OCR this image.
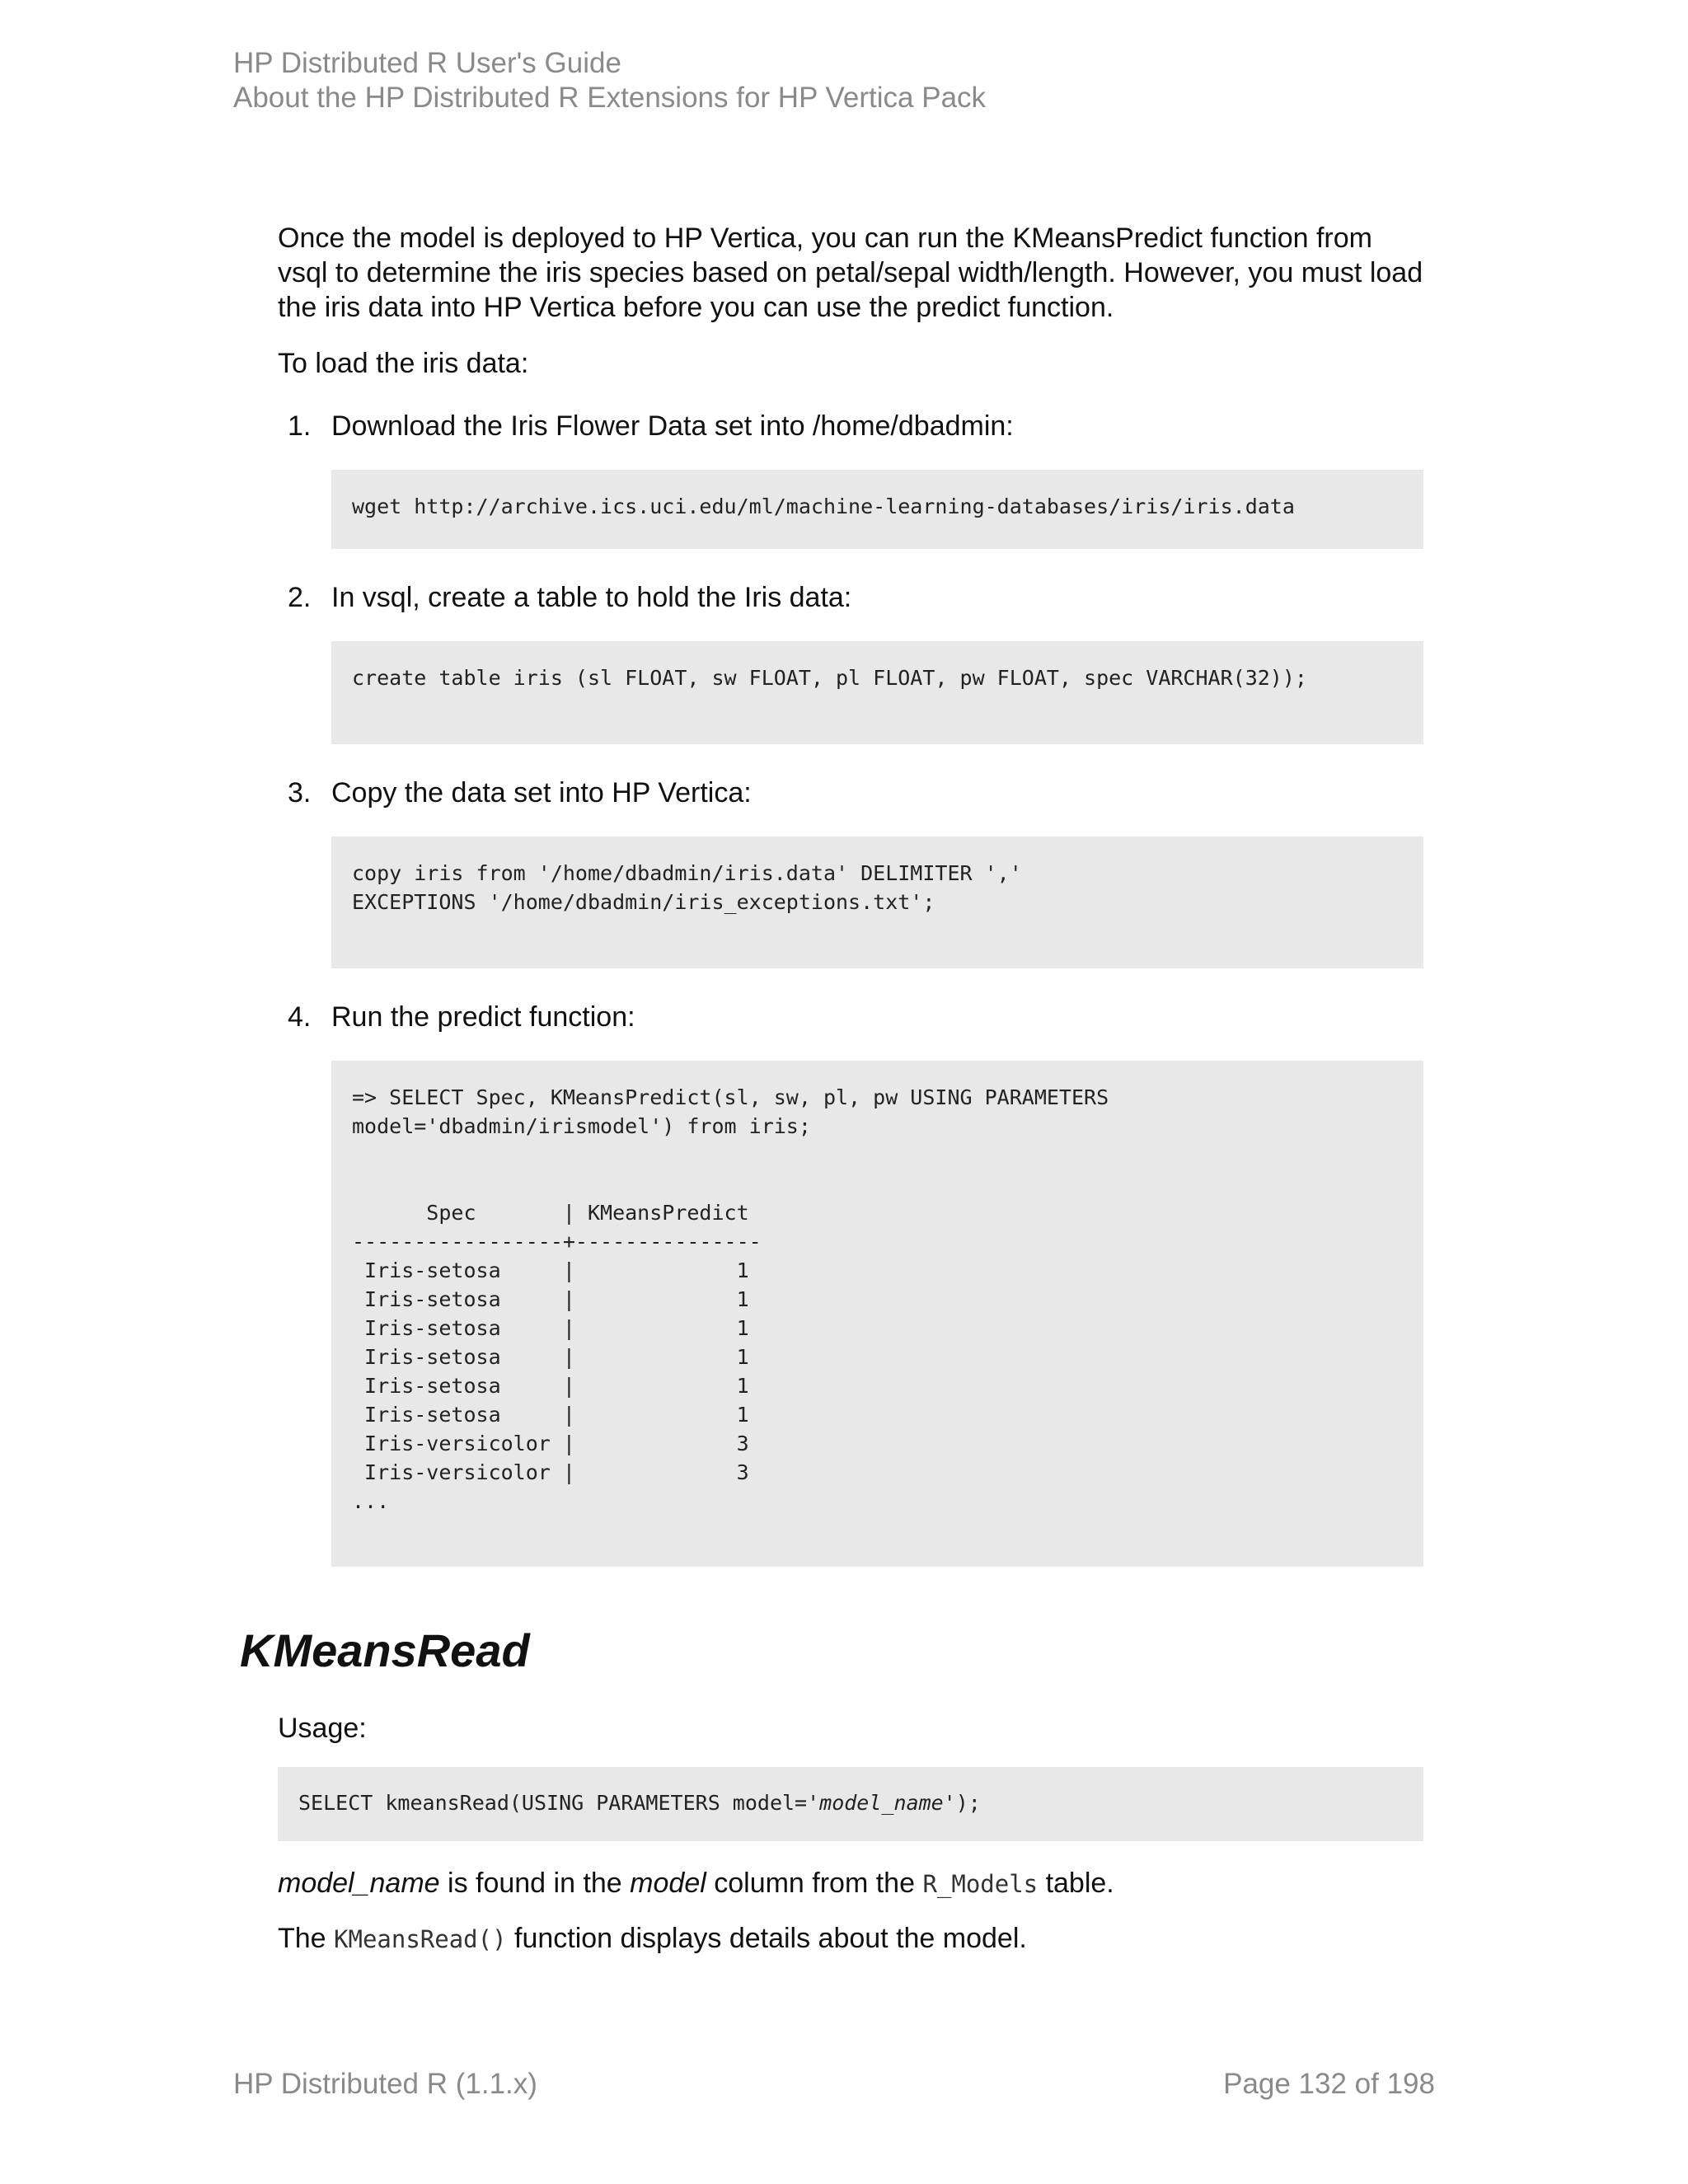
HP Distributed R User's Guide
About the HP Distributed R Extensions for HP Vertica Pack

Once the model is deployed to HP Vertica, you can run the KMeansPredict function from vsql to determine the iris species based on petal/sepal width/length. However, you must load the iris data into HP Vertica before you can use the predict function.

To load the iris data:

1. Download the Iris Flower Data set into /home/dbadmin:
wget http://archive.ics.uci.edu/ml/machine-learning-databases/iris/iris.data
2. In vsql, create a table to hold the Iris data:
create table iris (sl FLOAT, sw FLOAT, pl FLOAT, pw FLOAT, spec VARCHAR(32));
3. Copy the data set into HP Vertica:
copy iris from '/home/dbadmin/iris.data' DELIMITER ','
EXCEPTIONS '/home/dbadmin/iris_exceptions.txt';
4. Run the predict function:
=> SELECT Spec, KMeansPredict(sl, sw, pl, pw USING PARAMETERS
model='dbadmin/irismodel') from iris;

Spec       | KMeansPredict
-----------------+---------------
Iris-setosa     |             1
Iris-setosa     |             1
Iris-setosa     |             1
Iris-setosa     |             1
Iris-setosa     |             1
Iris-setosa     |             1
Iris-versicolor |             3
Iris-versicolor |             3
...
KMeansRead

Usage:

SELECT kmeansRead(USING PARAMETERS model='model_name');

model_name is found in the model column from the R_Models table.

The KMeansRead() function displays details about the model.

HP Distributed R (1.1.x)	Page 132 of 198
